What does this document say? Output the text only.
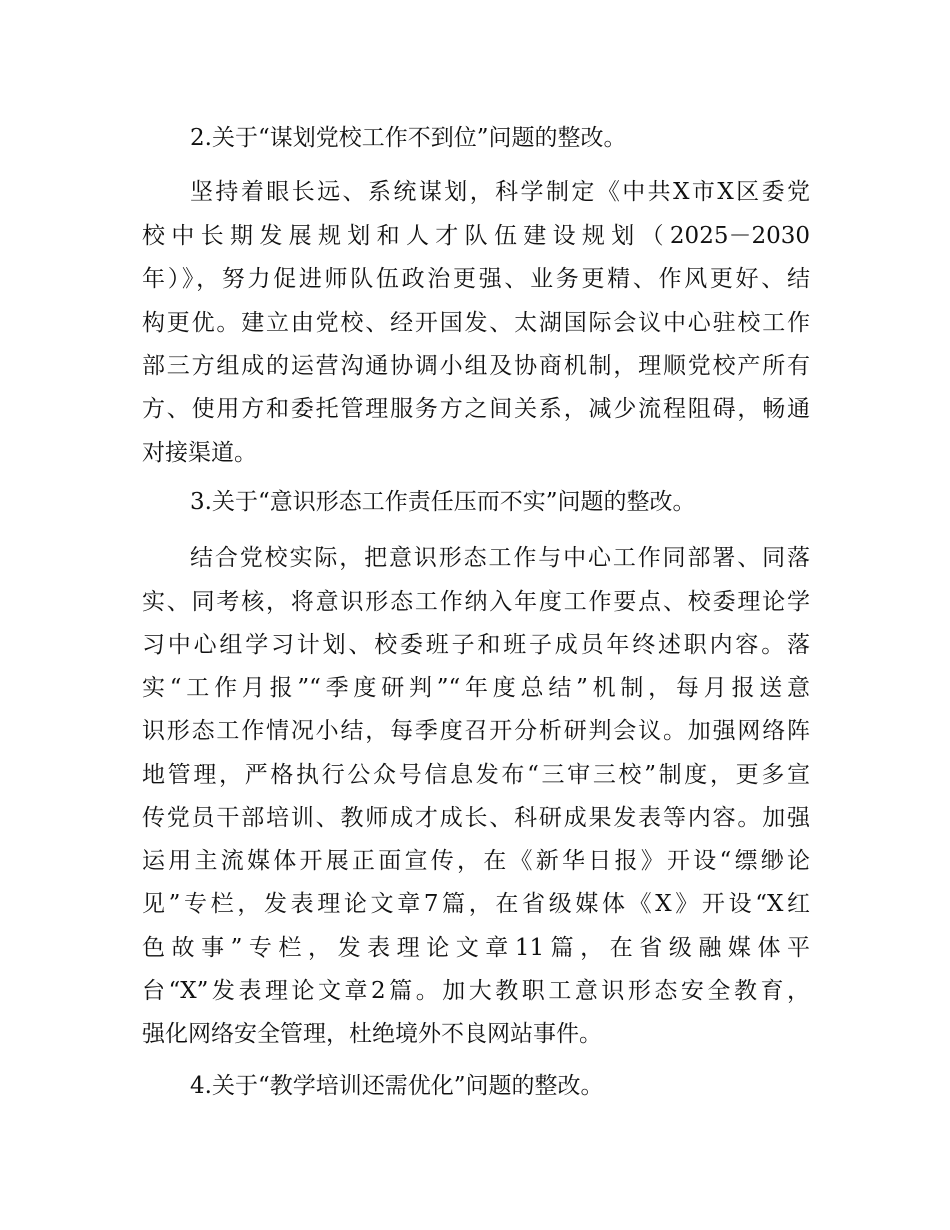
2.关于“谋划党校工作不到位”问题的整改。
坚持着眼长远、系统谋划，科学制定《中共X市X区委党
校中长期发展规划和人才队伍建设规划（2025－2030
年）》，努力促进师队伍政治更强、业务更精、作风更好、结
构更优。建立由党校、经开国发、太湖国际会议中心驻校工作
部三方组成的运营沟通协调小组及协商机制，理顺党校产所有
方、使用方和委托管理服务方之间关系，减少流程阻碍，畅通
对接渠道。
3.关于“意识形态工作责任压而不实”问题的整改。
结合党校实际，把意识形态工作与中心工作同部署、同落
实、同考核，将意识形态工作纳入年度工作要点、校委理论学
习中心组学习计划、校委班子和班子成员年终述职内容。落
实“工作月报”“季度研判”“年度总结”机制，每月报送意
识形态工作情况小结，每季度召开分析研判会议。加强网络阵
地管理，严格执行公众号信息发布“三审三校”制度，更多宣
传党员干部培训、教师成才成长、科研成果发表等内容。加强
运用主流媒体开展正面宣传，在《新华日报》开设“缥缈论
见”专栏，发表理论文章7篇，在省级媒体《X》开设“X红
色故事”专栏，发表理论文章11篇，在省级融媒体平
台“X”发表理论文章2篇。加大教职工意识形态安全教育，
强化网络安全管理，杜绝境外不良网站事件。
4.关于“教学培训还需优化”问题的整改。
